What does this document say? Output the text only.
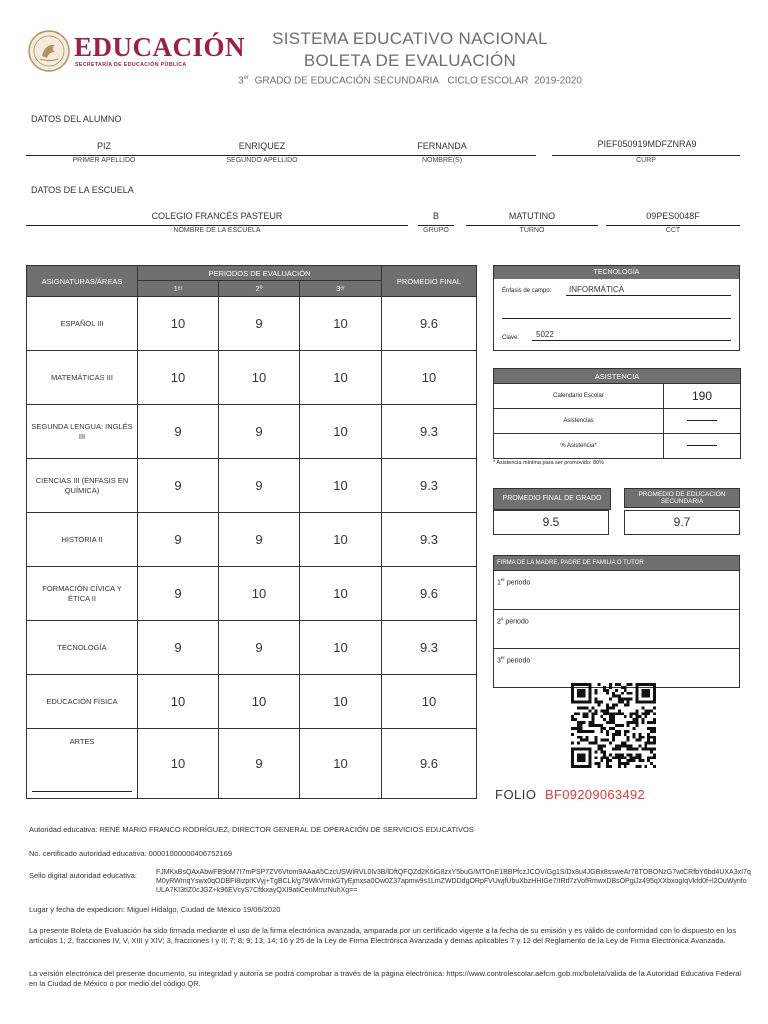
EDUCACIÓN
SECRETARÍA DE EDUCACIÓN PÚBLICA
SISTEMA EDUCATIVO NACIONAL
BOLETA DE EVALUACIÓN
3er GRADO DE EDUCACIÓN SECUNDARIA CICLO ESCOLAR 2019-2020
DATOS DEL ALUMNO
PIZ	ENRIQUEZ	FERNANDA	PIEF050919MDFZNRA9
PRIMER APELLIDO	SEGUNDO APELLIDO	NOMBRE(S)	CURP
DATOS DE LA ESCUELA
COLEGIO FRANCÉS PASTEUR	B	MATUTINO	09PES0048F
NOMBRE DE LA ESCUELA	GRUPO	TURNO	CCT
ASIGNATURAS/ÁREAS	PERIODOS DE EVALUACIÓN			PROMEDIO FINAL
	1ᵉʳ	2º	3ᵉʳ	
ESPAÑOL III	10	9	10	9.6
MATEMÁTICAS III	10	10	10	10
SEGUNDA LENGUA: INGLÉS III	9	9	10	9.3
CIENCIAS III (ÉNFASIS EN QUÍMICA)	9	9	10	9.3
HISTORIA II	9	9	10	9.3
FORMACIÓN CÍVICA Y ÉTICA II	9	10	10	9.6
TECNOLOGÍA	9	9	10	9.3
EDUCACIÓN FÍSICA	10	10	10	10
ARTES	10	9	10	9.6
TECNOLOGÍA
Énfasis de campo: INFORMÁTICA
Clave: 5022
ASISTENCIA	
Calendario Escolar	190
Asistencias	
% Asistencia*	
* Asistencia mínima para ser promovido: 80%
PROMEDIO FINAL DE GRADO
9.5
PROMEDIO DE EDUCACIÓN SECUNDARIA
9.7
FIRMA DE LA MADRE, PADRE DE FAMILIA O TUTOR
1er periodo
2$^o$ periodo
3er periodo
FOLIO BF09209063492
Autoridad educativa: RENÉ MARIO FRANCO RODRÍGUEZ, DIRECTOR GENERAL DE OPERACIÓN DE SERVICIOS EDUCATIVOS
No. certificado autoridad educativa: 00001000000406752169
Sello digital autoridad educativa:	FJMKxBsQAxAbwFB9oM7I7mPSP7ZV6Vtom9AAaA5CzcUSWiRVL0Iv3B/lDftQFQZd2K6iG8zxY5buG/MTOnE1BBPfczJCOV/Gg1S/Dx8u4JGBx8ssweAr78TOBONzG7wtCRfbY6bd4UXA3xI7qM0yRWmqYswx0qODBFI8izprKVyj+TgBCLk/g79WkVrmkGTyEjmxsa0Ow0Z37apmw9s1LmZWDDdgORpFVUwjfUbuXbzHHIGe7/tRtf7zVofRmwxDBsOPgiJz495qXXbxogIqVkfd0f+l2OuWynfoULA7KI3tIZ0cJGZ+k96EVcyS7CftkxayQXI9atiCenMmzNuhXg==
Lugar y fecha de expedición: Miguel Hidalgo, Ciudad de México 19/06/2020
La presente Boleta de Evaluación ha sido firmada mediante el uso de la firma electrónica avanzada, amparada por un certificado vigente a la fecha de su emisión y es válido de conformidad con lo dispuesto en los artículos 1; 2, fracciones IV, V, XIII y XIV; 3, fracciones I y II; 7; 8; 9; 13; 14; 16 y 25 de la Ley de Firma Electrónica Avanzada y demás aplicables 7 y 12 del Reglamento de la Ley de Firma Electrónica Avanzada.
La versión electrónica del presente documento, su integridad y autoría se podrá comprobar a través de la página electrónica: https://www.controlescolar.aefcm.gob.mx/boleta/valida de la Autoridad Educativa Federal en la Ciudad de México o por medio del código QR.
